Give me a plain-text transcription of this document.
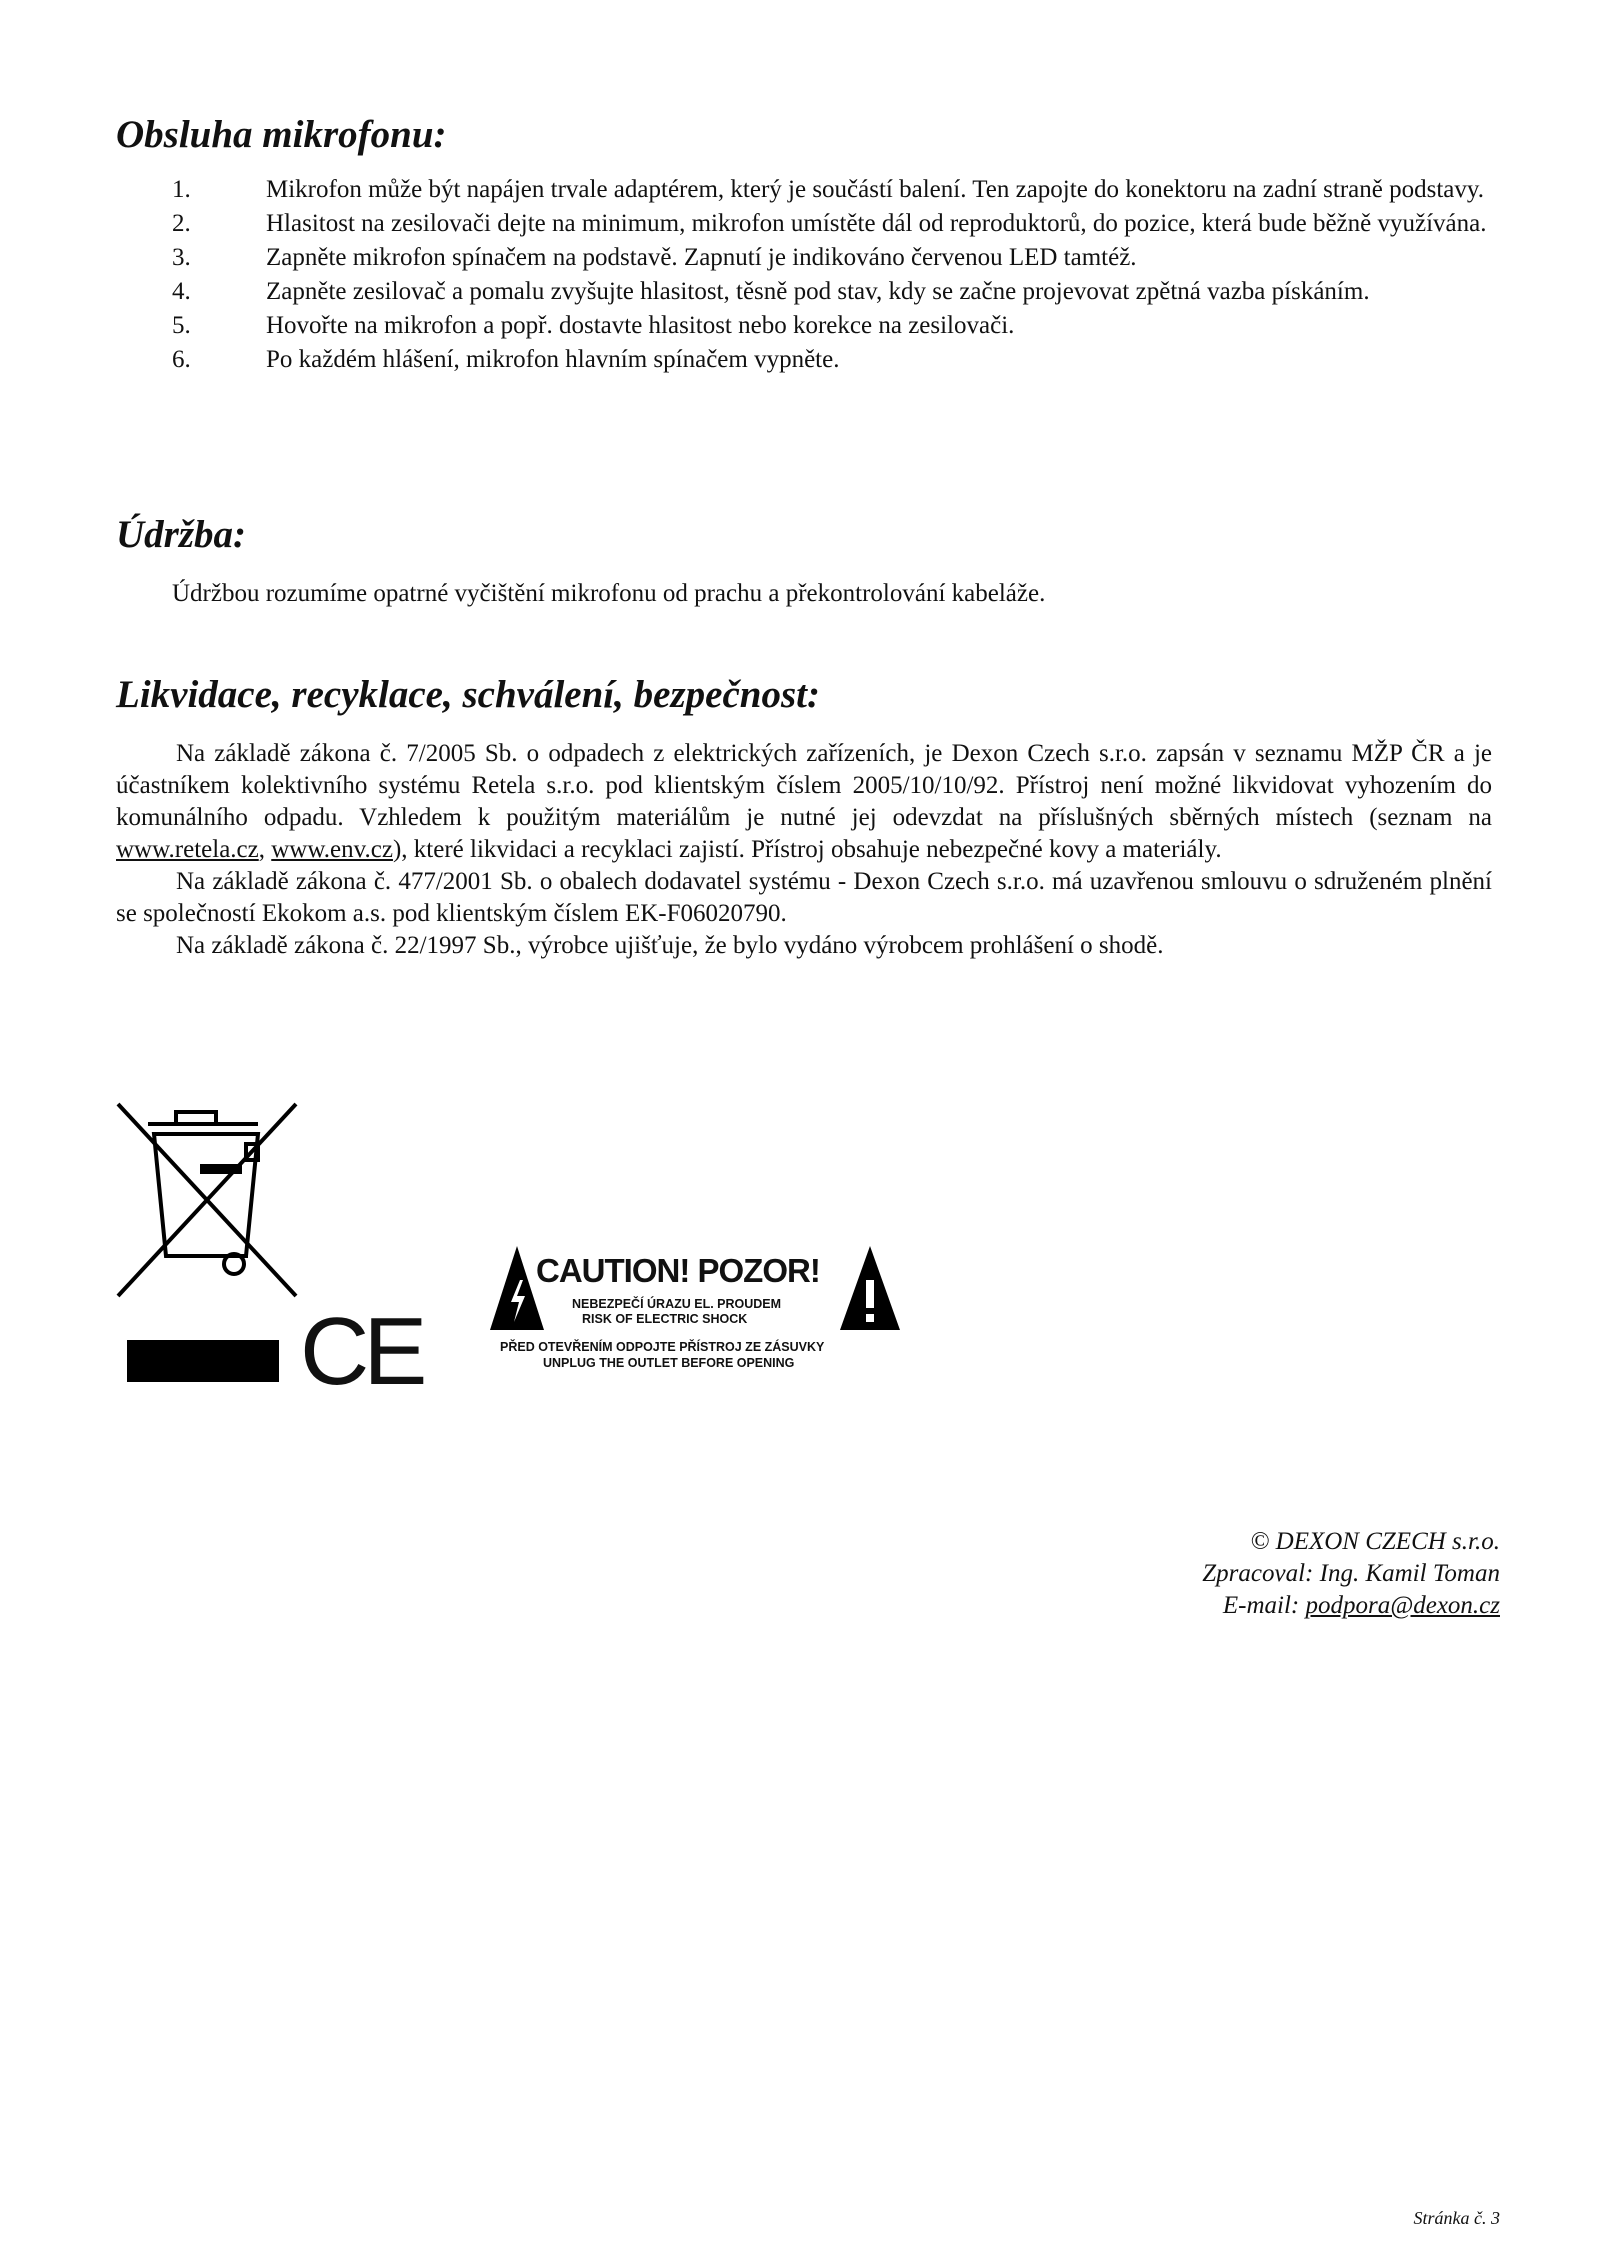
Obsluha mikrofonu:
1.	Mikrofon může být napájen trvale adaptérem, který je součástí balení. Ten zapojte do konektoru na zadní straně podstavy.
2.	Hlasitost na zesilovači dejte na minimum, mikrofon umístěte dál od reproduktorů, do pozice, která bude běžně využívána.
3.	Zapněte mikrofon spínačem na podstavě. Zapnutí je indikováno červenou LED tamtéž.
4.	Zapněte zesilovač a pomalu zvyšujte hlasitost, těsně pod stav, kdy se začne projevovat zpětná vazba pískáním.
5.	Hovořte na mikrofon a popř. dostavte hlasitost nebo korekce na zesilovači.
6.	Po každém hlášení, mikrofon hlavním spínačem vypněte.
Údržba:

Údržbou rozumíme opatrné vyčištění mikrofonu od prachu a překontrolování kabeláže.

Likvidace, recyklace, schválení, bezpečnost:

Na základě zákona č. 7/2005 Sb. o odpadech z elektrických zařízeních, je Dexon Czech s.r.o. zapsán v seznamu MŽP ČR a je účastníkem kolektivního systému Retela s.r.o. pod klientským číslem 2005/10/10/92. Přístroj není možné likvidovat vyhozením do komunálního odpadu. Vzhledem k použitým materiálům je nutné jej odevzdat na příslušných sběrných místech (seznam na www.retela.cz, www.env.cz), které likvidaci a recyklaci zajistí. Přístroj obsahuje nebezpečné kovy a materiály.

Na základě zákona č. 477/2001 Sb. o obalech dodavatel systému - Dexon Czech s.r.o. má uzavřenou smlouvu o sdruženém plnění se společností Ekokom a.s. pod klientským číslem EK-F06020790.

Na základě zákona č. 22/1997 Sb., výrobce ujišťuje, že bylo vydáno výrobcem prohlášení o shodě.

CE
CAUTION! POZOR!
NEBEZPEČÍ ÚRAZU EL. PROUDEM
RISK OF ELECTRIC SHOCK
PŘED OTEVŘENÍM ODPOJTE PŘÍSTROJ ZE ZÁSUVKY
UNPLUG THE OUTLET BEFORE OPENING
© DEXON CZECH s.r.o.
Zpracoval: Ing. Kamil Toman
E-mail: podpora@dexon.cz
Stránka č. 3
